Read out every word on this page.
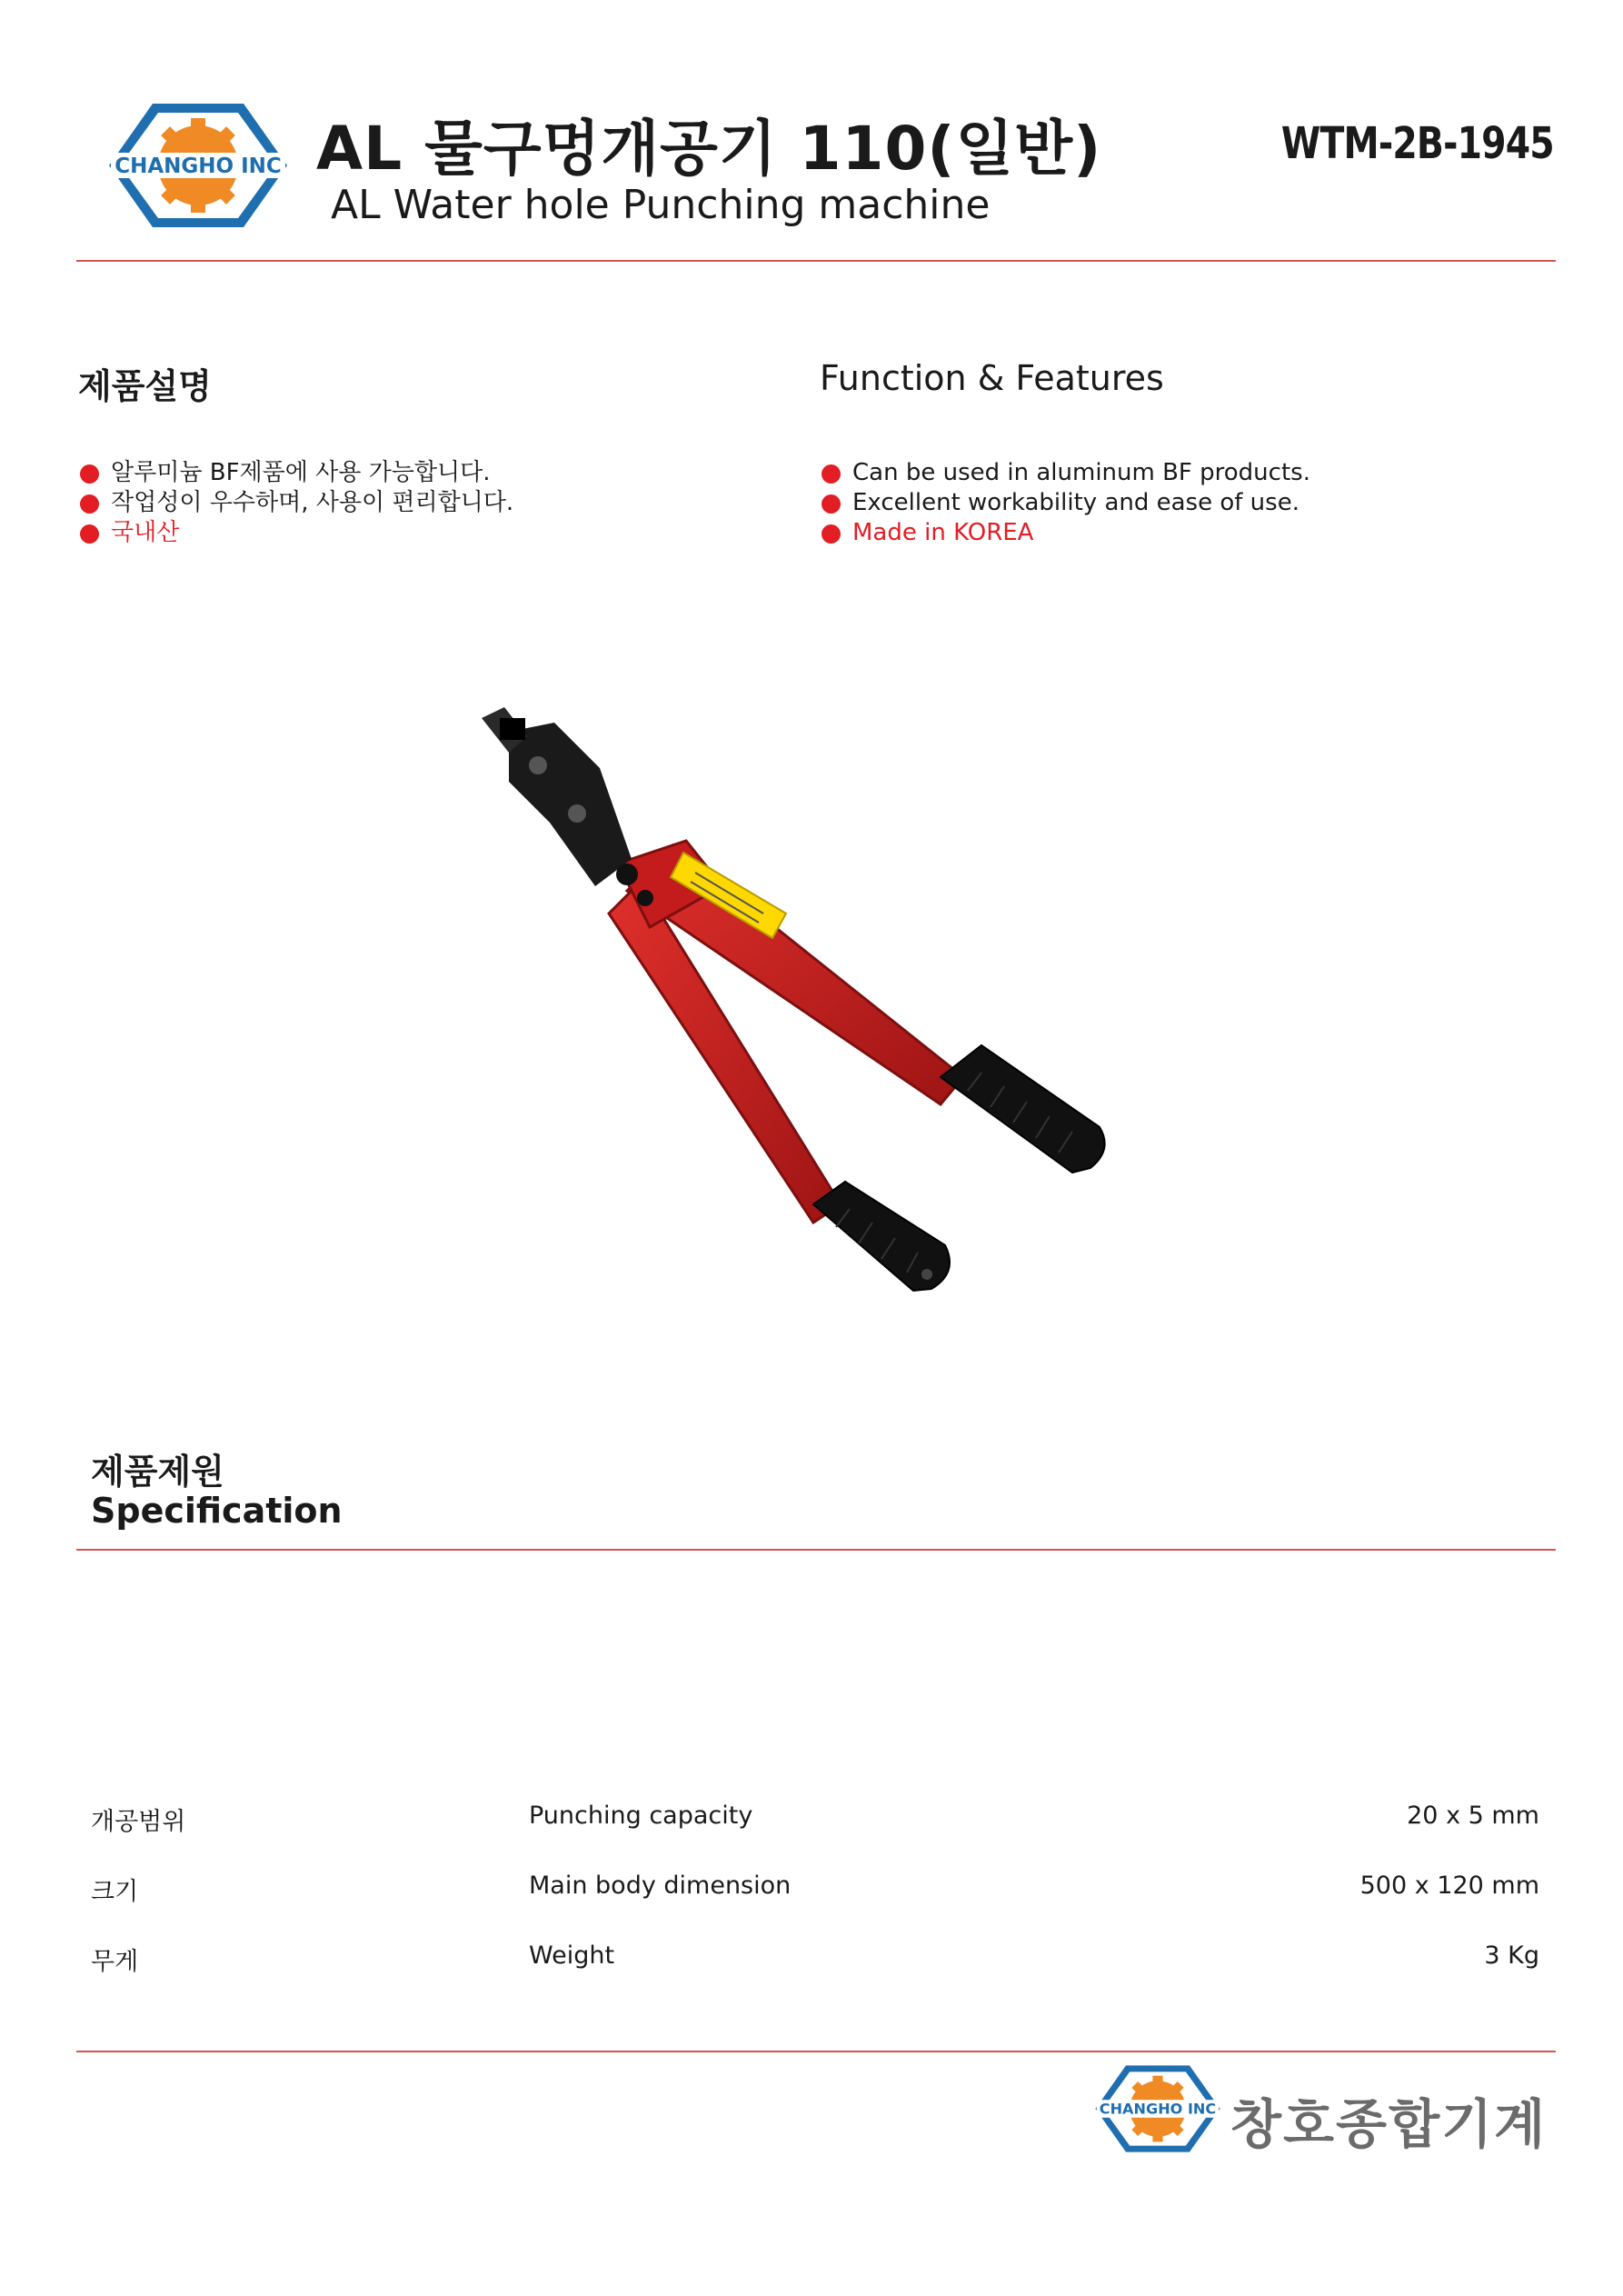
CHANGHO INC AL 물구멍개공기 110(일반)
AL Water hole Punching machine
WTM-2B-1945
제품설명
알루미늄 BF제품에 사용 가능합니다.
작업성이 우수하며, 사용이 편리합니다.
국내산
Function & Features
Can be used in aluminum BF products.
Excellent workability and ease of use.
Made in KOREA
제품제원
Specification
개공범위	Punching capacity	20 x 5 mm
크기	Main body dimension	500 x 120 mm
무게	Weight	3 Kg
CHANGHO INC 창호종합기계
